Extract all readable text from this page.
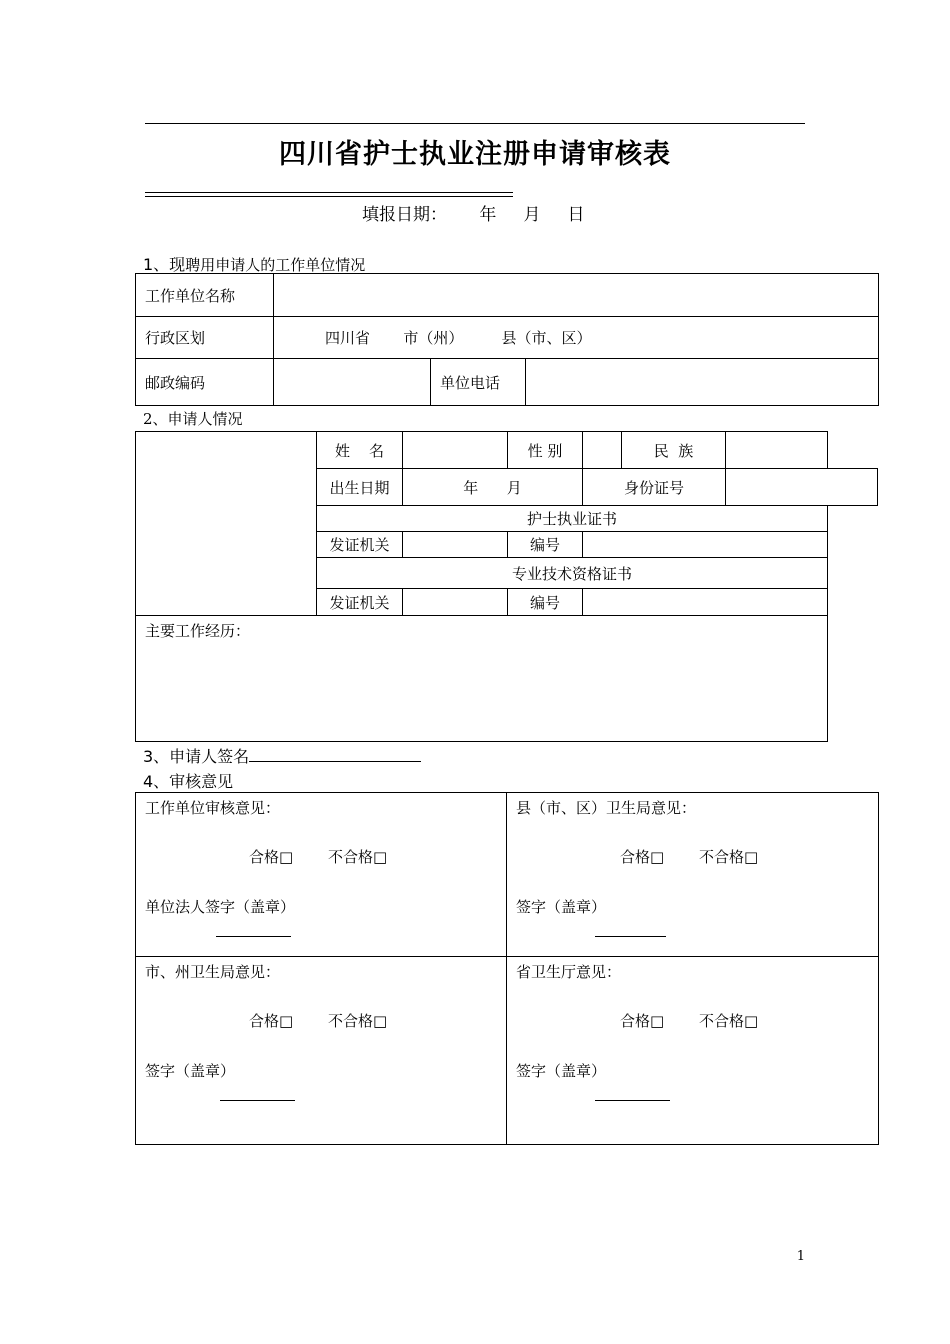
四川省护士执业注册申请审核表
填报日期：      年     月     日
1、现聘用申请人的工作单位情况
工作单位名称			
行政区划	四川省       市（州）        县（市、区）		
邮政编码		单位电话	
2、申请人情况
	姓    名		性 别		民  族	
	出生日期	年      月		身份证号		
	护士执业证书					
	发证机关		编号			
	专业技术资格证书					
	发证机关		编号			
主要工作经历：						
3、申请人签名
4、审核意见
工作单位审核意见：
合格□ 不合格□
单位法人签字（盖章）	县（市、区）卫生局意见：
合格□ 不合格□
签字（盖章）

市、州卫生局意见：
合格□ 不合格□
签字（盖章）	省卫生厅意见：
合格□ 不合格□
签字（盖章）
1
